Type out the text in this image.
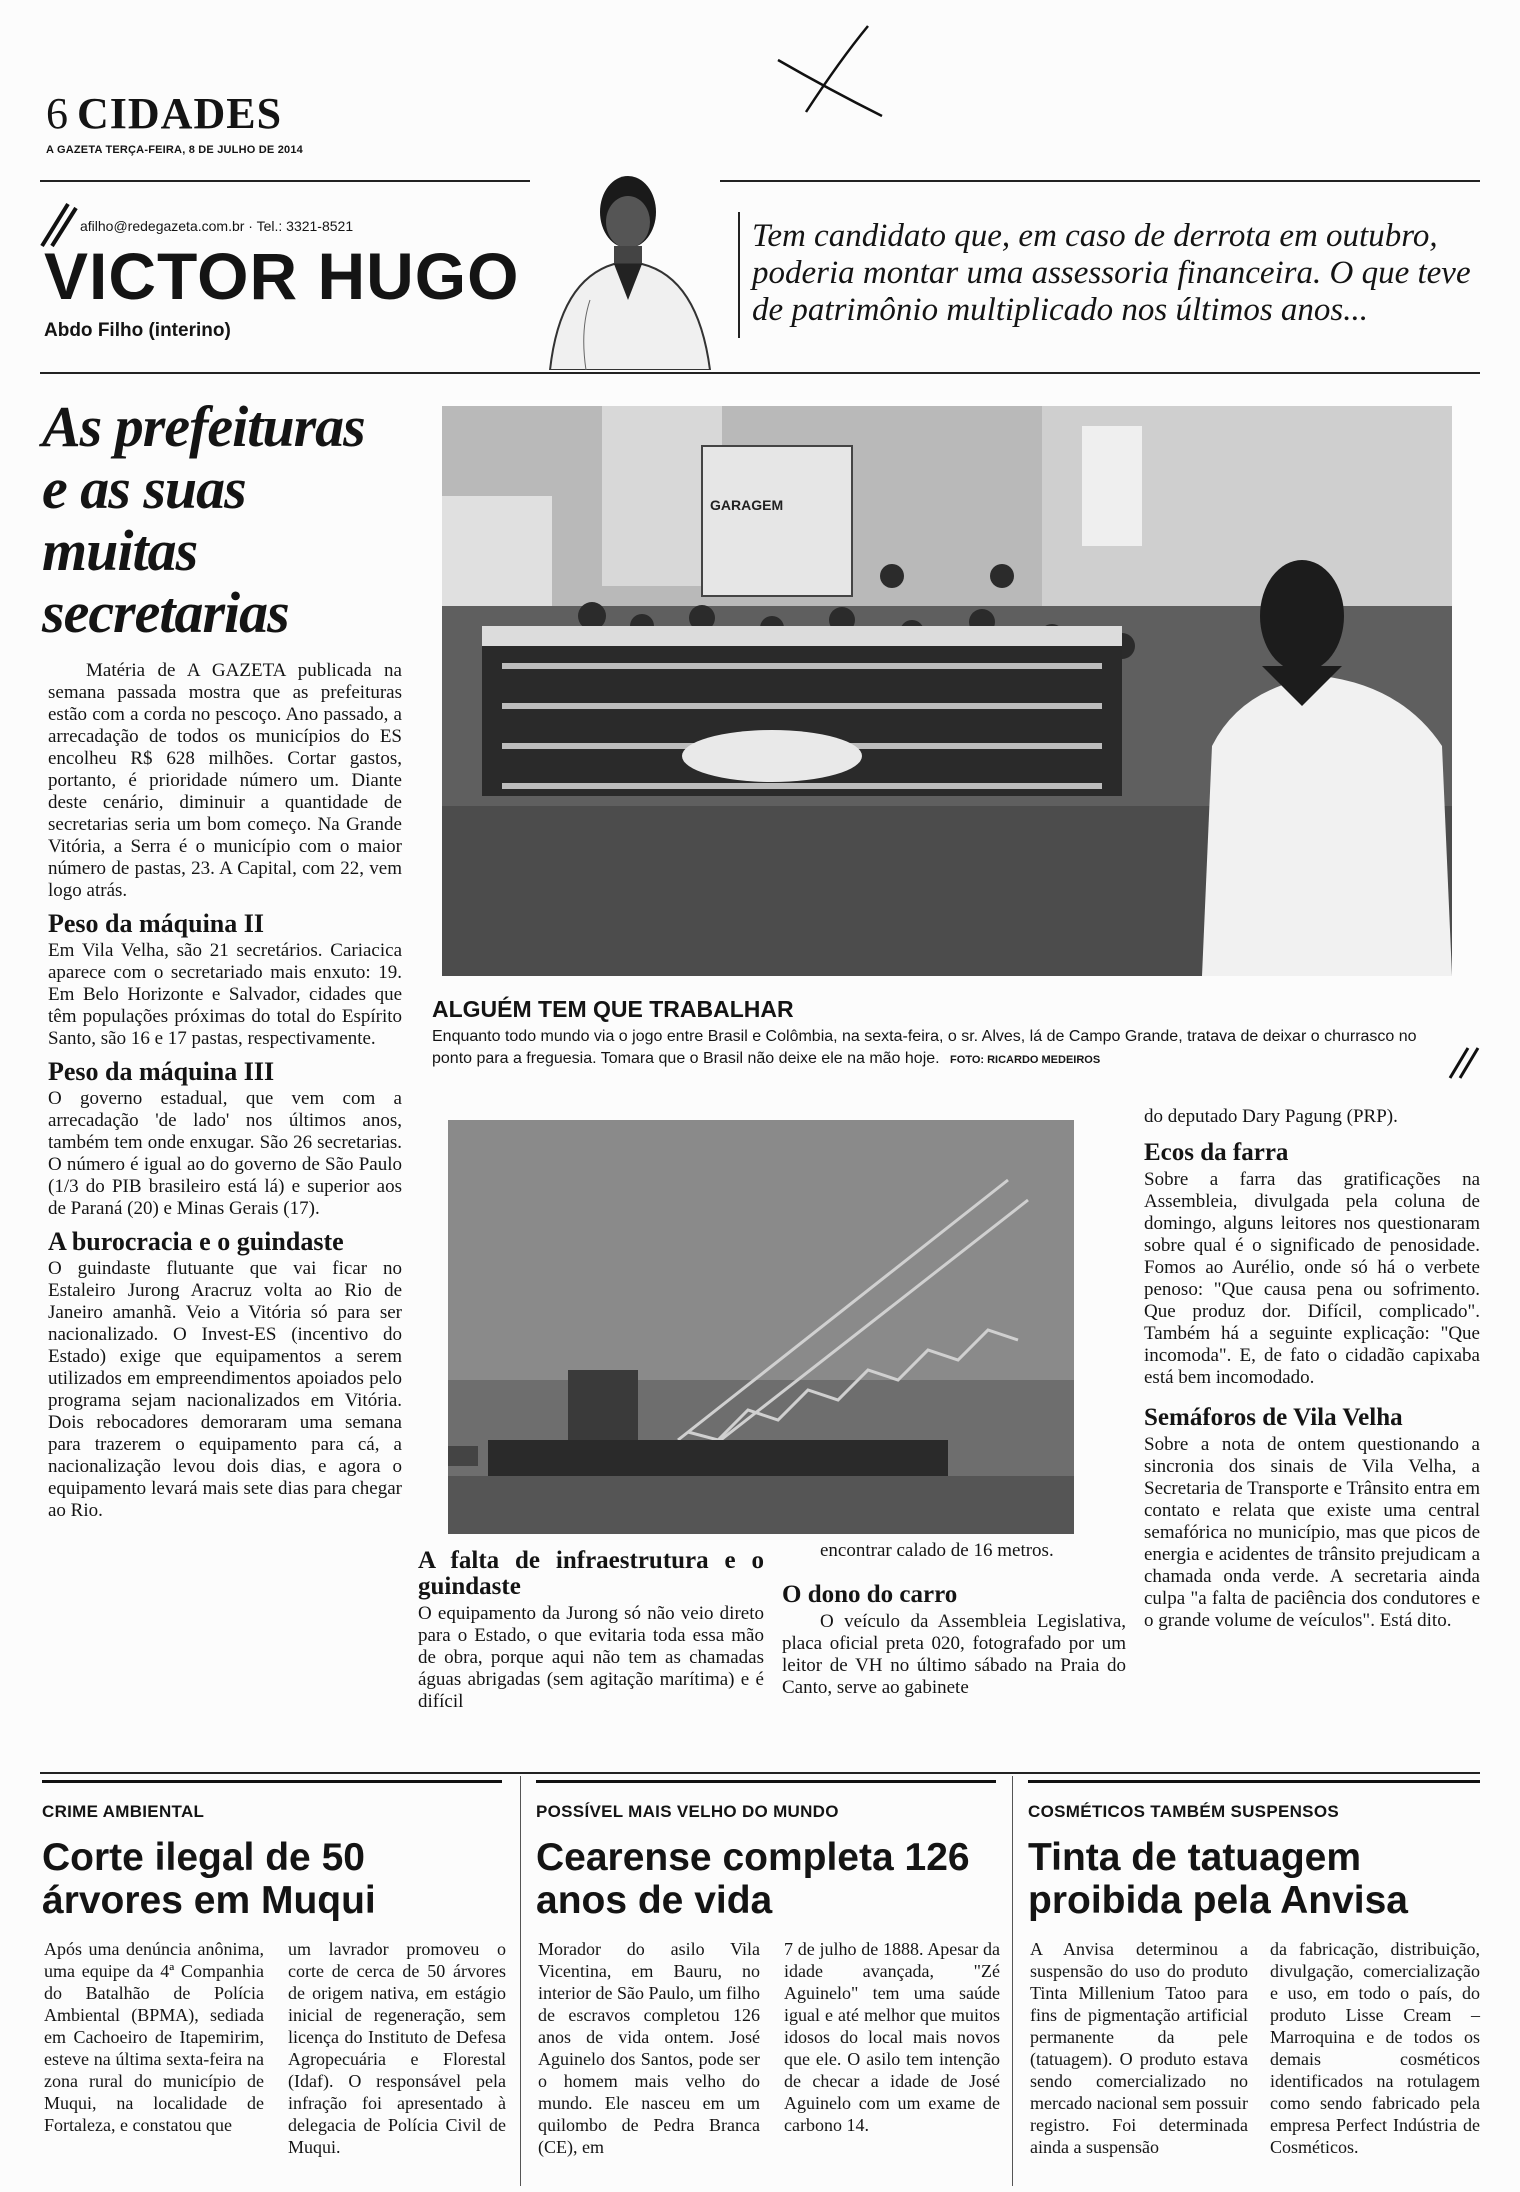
6 CIDADES
A GAZETA TERÇA-FEIRA, 8 DE JULHO DE 2014
afilho@redegazeta.com.br · Tel.: 3321-8521
VICTOR HUGO
Abdo Filho (interino)
Tem candidato que, em caso de derrota em outubro, poderia montar uma assessoria financeira. O que teve de patrimônio multiplicado nos últimos anos...
As prefeituras e as suas muitas secretarias

Matéria de A GAZETA publicada na semana passada mostra que as prefeituras estão com a corda no pescoço. Ano passado, a arrecadação de todos os municípios do ES encolheu R$ 628 milhões. Cortar gastos, portanto, é prioridade número um. Diante deste cenário, diminuir a quantidade de secretarias seria um bom começo. Na Grande Vitória, a Serra é o município com o maior número de pastas, 23. A Capital, com 22, vem logo atrás.

Peso da máquina II

Em Vila Velha, são 21 secretários. Cariacica aparece com o secretariado mais enxuto: 19. Em Belo Horizonte e Salvador, cidades que têm populações próximas do total do Espírito Santo, são 16 e 17 pastas, respectivamente.

Peso da máquina III

O governo estadual, que vem com a arrecadação 'de lado' nos últimos anos, também tem onde enxugar. São 26 secretarias. O número é igual ao do governo de São Paulo (1/3 do PIB brasileiro está lá) e superior aos de Paraná (20) e Minas Gerais (17).

A burocracia e o guindaste

O guindaste flutuante que vai ficar no Estaleiro Jurong Aracruz volta ao Rio de Janeiro amanhã. Veio a Vitória só para ser nacionalizado. O Invest-ES (incentivo do Estado) exige que equipamentos a serem utilizados em empreendimentos apoiados pelo programa sejam nacionalizados em Vitória. Dois rebocadores demoraram uma semana para trazerem o equipamento para cá, a nacionalização levou dois dias, e agora o equipamento levará mais sete dias para chegar ao Rio.

GARAGEM
ALGUÉM TEM QUE TRABALHAR
Enquanto todo mundo via o jogo entre Brasil e Colômbia, na sexta-feira, o sr. Alves, lá de Campo Grande, tratava de deixar o churrasco no ponto para a freguesia. Tomara que o Brasil não deixe ele na mão hoje. FOTO: RICARDO MEDEIROS
A falta de infraestrutura e o guindaste

O equipamento da Jurong só não veio direto para o Estado, o que evitaria toda essa mão de obra, porque aqui não tem as chamadas águas abrigadas (sem agitação marítima) e é difícil

encontrar calado de 16 metros.

O dono do carro

O veículo da Assembleia Legislativa, placa oficial preta 020, fotografado por um leitor de VH no último sábado na Praia do Canto, serve ao gabinete

do deputado Dary Pagung (PRP).

Ecos da farra

Sobre a farra das gratificações na Assembleia, divulgada pela coluna de domingo, alguns leitores nos questionaram sobre qual é o significado de penosidade. Fomos ao Aurélio, onde só há o verbete penoso: "Que causa pena ou sofrimento. Que produz dor. Difícil, complicado". Também há a seguinte explicação: "Que incomoda". E, de fato o cidadão capixaba está bem incomodado.

Semáforos de Vila Velha

Sobre a nota de ontem questionando a sincronia dos sinais de Vila Velha, a Secretaria de Transporte e Trânsito entra em contato e relata que existe uma central semafórica no município, mas que picos de energia e acidentes de trânsito prejudicam a chamada onda verde. A secretaria ainda culpa "a falta de paciência dos condutores e o grande volume de veículos". Está dito.

CRIME AMBIENTAL
Corte ilegal de 50 árvores em Muqui
Após uma denúncia anônima, uma equipe da 4ª Companhia do Batalhão de Polícia Ambiental (BPMA), sediada em Cachoeiro de Itapemirim, esteve na última sexta-feira na zona rural do município de Muqui, na localidade de Fortaleza, e constatou que
um lavrador promoveu o corte de cerca de 50 árvores de origem nativa, em estágio inicial de regeneração, sem licença do Instituto de Defesa Agropecuária e Florestal (Idaf). O responsável pela infração foi apresentado à delegacia de Polícia Civil de Muqui.
POSSÍVEL MAIS VELHO DO MUNDO
Cearense completa 126 anos de vida
Morador do asilo Vila Vicentina, em Bauru, no interior de São Paulo, um filho de escravos completou 126 anos de vida ontem. José Aguinelo dos Santos, pode ser o homem mais velho do mundo. Ele nasceu em um quilombo de Pedra Branca (CE), em
7 de julho de 1888. Apesar da idade avançada, "Zé Aguinelo" tem uma saúde igual e até melhor que muitos idosos do local mais novos que ele. O asilo tem intenção de checar a idade de José Aguinelo com um exame de carbono 14.
COSMÉTICOS TAMBÉM SUSPENSOS
Tinta de tatuagem proibida pela Anvisa
A Anvisa determinou a suspensão do uso do produto Tinta Millenium Tatoo para fins de pigmentação artificial permanente da pele (tatuagem). O produto estava sendo comercializado no mercado nacional sem possuir registro. Foi determinada ainda a suspensão
da fabricação, distribuição, divulgação, comercialização e uso, em todo o país, do produto Lisse Cream – Marroquina e de todos os demais cosméticos identificados na rotulagem como sendo fabricado pela empresa Perfect Indústria de Cosméticos.
